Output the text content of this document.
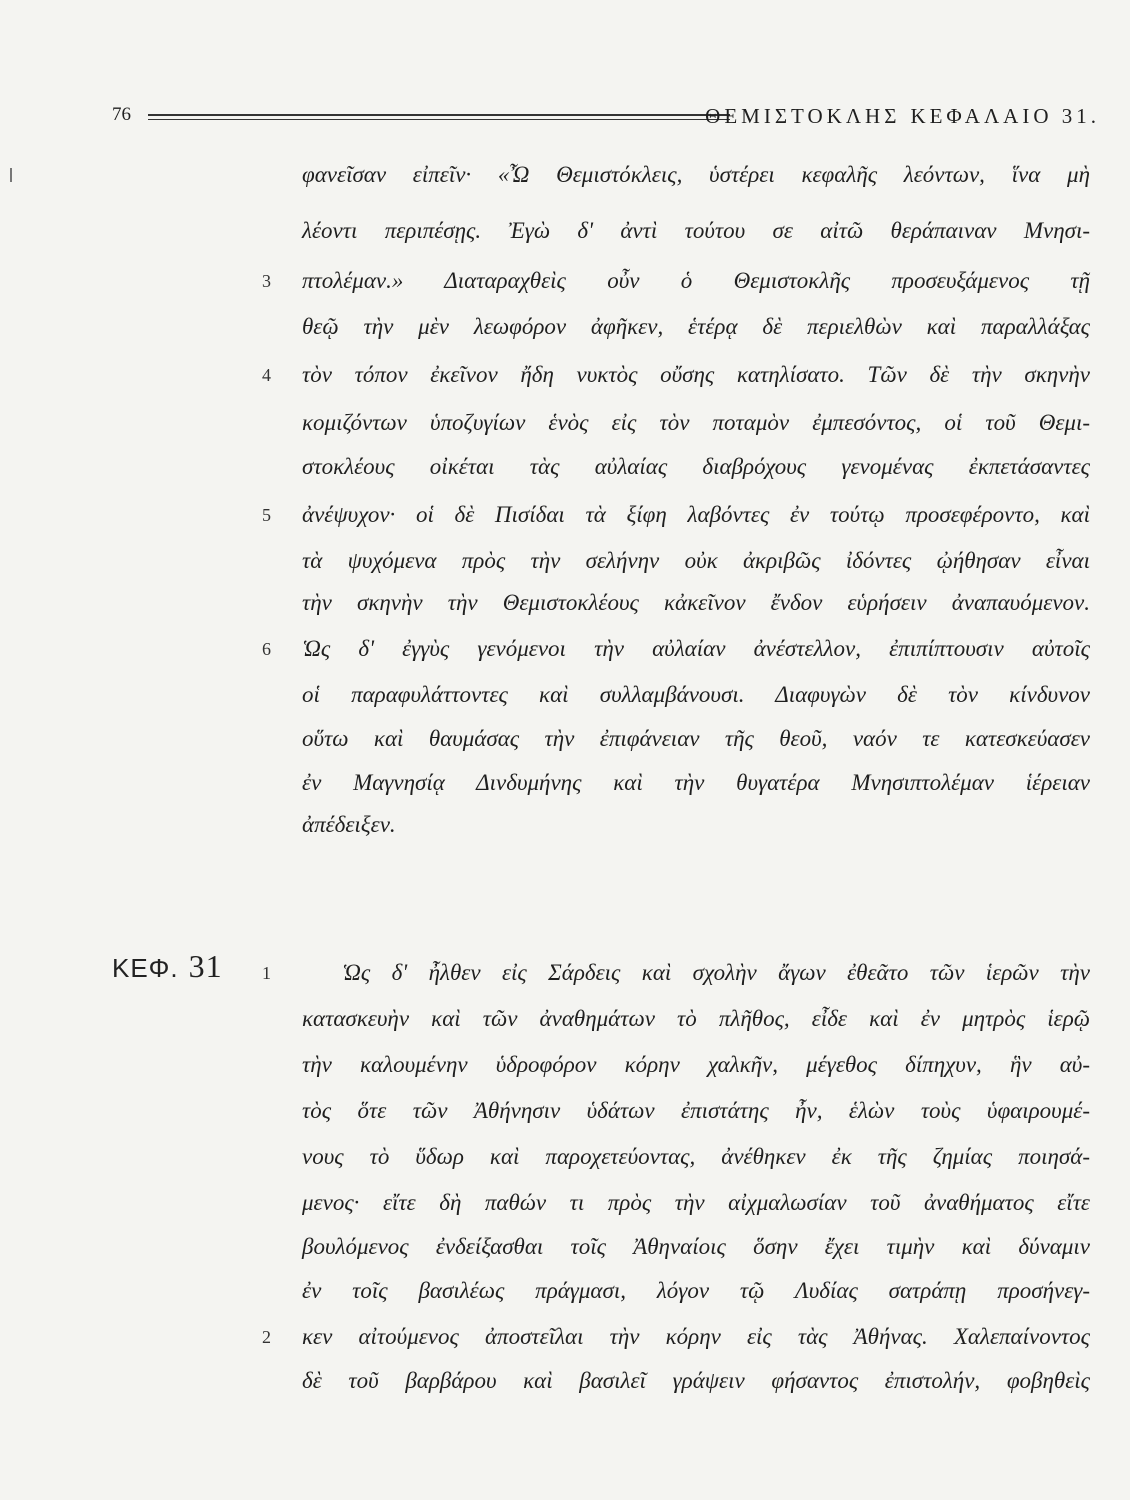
76	ΘΕΜΙΣΤΟΚΛΗΣ ΚΕΦΑΛΑΙΟ 31.
φανεῖσαν εἰπεῖν· «Ὦ Θεμιστόκλεις, ὑστέρει κεφαλῆς λεόντων, ἵνα μὴ
λέοντι περιπέσῃς. Ἐγὼ δ' ἀντὶ τούτου σε αἰτῶ θεράπαιναν Μνησι-
πτολέμαν.» Διαταραχθεὶς οὖν ὁ Θεμιστοκλῆς προσευξάμενος τῇ
θεῷ τὴν μὲν λεωφόρον ἀφῆκεν, ἑτέρᾳ δὲ περιελθὼν καὶ παραλλάξας
τὸν τόπον ἐκεῖνον ἤδη νυκτὸς οὔσης κατηλίσατο. Τῶν δὲ τὴν σκηνὴν
κομιζόντων ὑποζυγίων ἑνὸς εἰς τὸν ποταμὸν ἐμπεσόντος, οἱ τοῦ Θεμι-
στοκλέους οἰκέται τὰς αὐλαίας διαβρόχους γενομένας ἐκπετάσαντες
ἀνέψυχον· οἱ δὲ Πισίδαι τὰ ξίφη λαβόντες ἐν τούτῳ προσεφέροντο, καὶ
τὰ ψυχόμενα πρὸς τὴν σελήνην οὐκ ἀκριβῶς ἰδόντες ᾠήθησαν εἶναι
τὴν σκηνὴν τὴν Θεμιστοκλέους κἀκεῖνον ἔνδον εὑρήσειν ἀναπαυόμενον.
Ὡς δ' ἐγγὺς γενόμενοι τὴν αὐλαίαν ἀνέστελλον, ἐπιπίπτουσιν αὐτοῖς
οἱ παραφυλάττοντες καὶ συλλαμβάνουσι. Διαφυγὼν δὲ τὸν κίνδυνον
οὕτω καὶ θαυμάσας τὴν ἐπιφάνειαν τῆς θεοῦ, ναόν τε κατεσκεύασεν
ἐν Μαγνησίᾳ Δινδυμήνης καὶ τὴν θυγατέρα Μνησιπτολέμαν ἱέρειαν
ἀπέδειξεν.
3
4
5
6
ΚΕΦ. 31 1	Ὡς δ' ἦλθεν εἰς Σάρδεις καὶ σχολὴν ἄγων ἐθεᾶτο τῶν ἱερῶν τὴν
κατασκευὴν καὶ τῶν ἀναθημάτων τὸ πλῆθος, εἶδε καὶ ἐν μητρὸς ἱερῷ
τὴν καλουμένην ὑδροφόρον κόρην χαλκῆν, μέγεθος δίπηχυν, ἣν αὐ-
τὸς ὅτε τῶν Ἀθήνησιν ὑδάτων ἐπιστάτης ἦν, ἑλὼν τοὺς ὑφαιρουμέ-
νους τὸ ὕδωρ καὶ παροχετεύοντας, ἀνέθηκεν ἐκ τῆς ζημίας ποιησά-
μενος· εἴτε δὴ παθών τι πρὸς τὴν αἰχμαλωσίαν τοῦ ἀναθήματος εἴτε
βουλόμενος ἐνδείξασθαι τοῖς Ἀθηναίοις ὅσην ἔχει τιμὴν καὶ δύναμιν
ἐν τοῖς βασιλέως πράγμασι, λόγον τῷ Λυδίας σατράπῃ προσήνεγ-
2	κεν αἰτούμενος ἀποστεῖλαι τὴν κόρην εἰς τὰς Ἀθήνας. Χαλεπαίνοντος
δὲ τοῦ βαρβάρου καὶ βασιλεῖ γράψειν φήσαντος ἐπιστολήν, φοβηθεὶς
